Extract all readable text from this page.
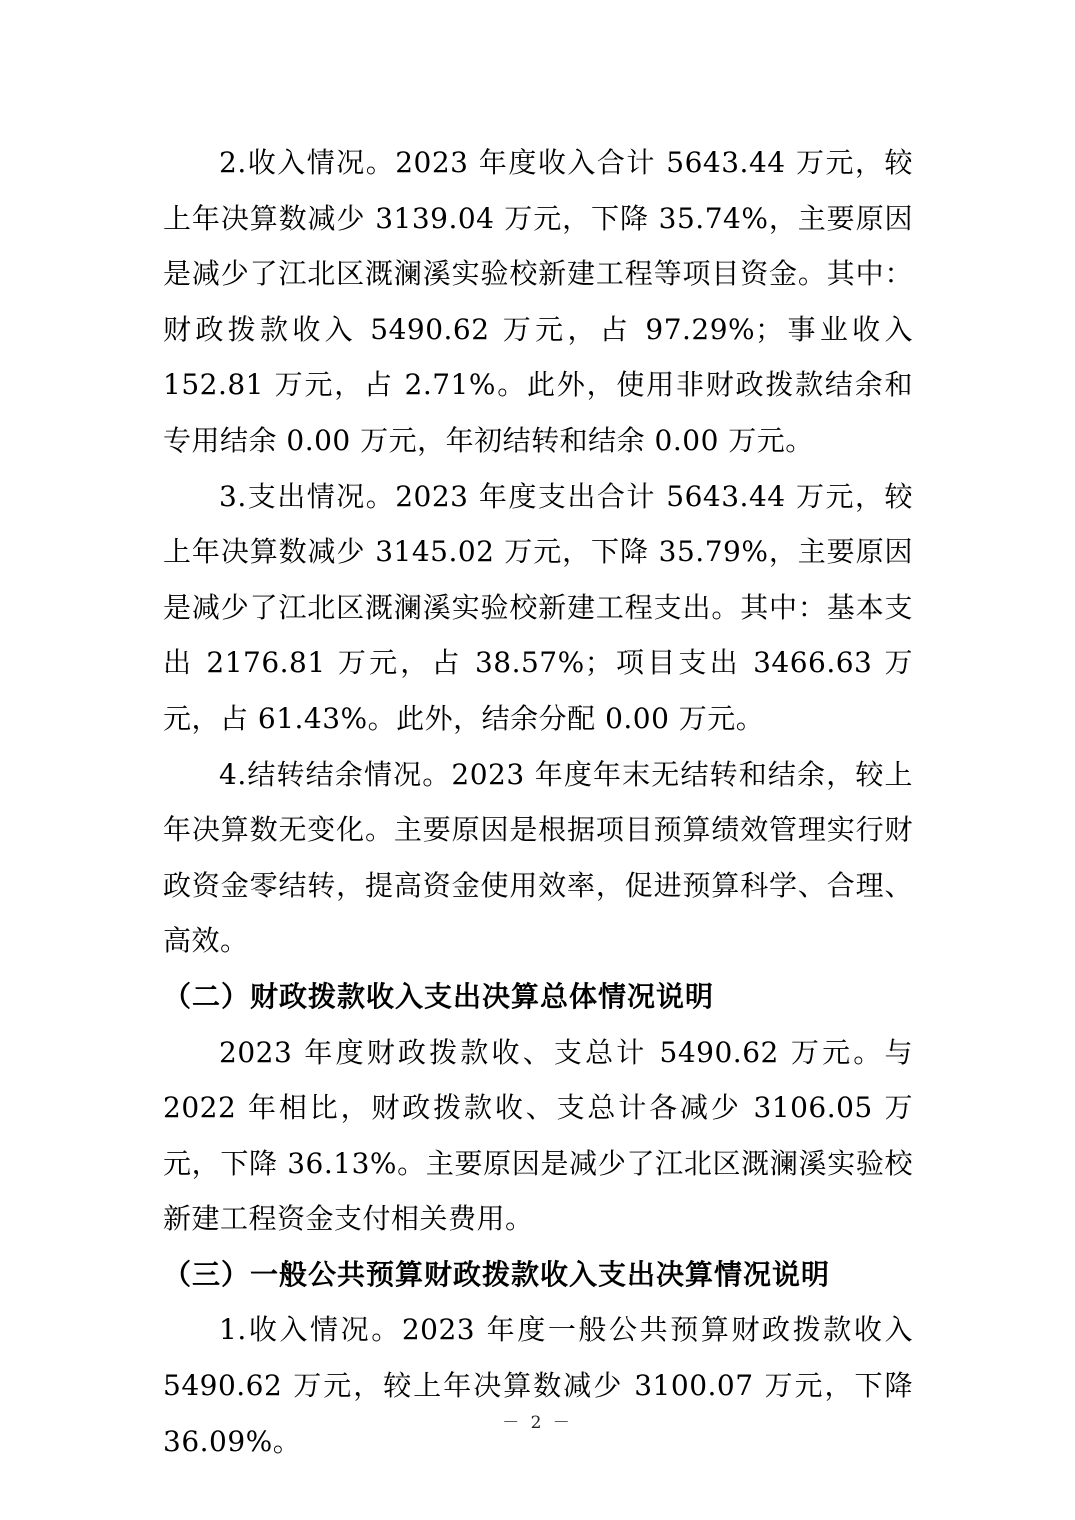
2.收入情况。2023 年度收入合计 5643.44 万元，较上年决算数减少 3139.04 万元，下降 35.74%，主要原因是减少了江北区溉澜溪实验校新建工程等项目资金。其中：财政拨款收入 5490.62 万元，占 97.29%；事业收入 152.81 万元，占 2.71%。此外，使用非财政拨款结余和专用结余 0.00 万元，年初结转和结余 0.00 万元。

3.支出情况。2023 年度支出合计 5643.44 万元，较上年决算数减少 3145.02 万元，下降 35.79%，主要原因是减少了江北区溉澜溪实验校新建工程支出。其中：基本支出 2176.81 万元，占 38.57%；项目支出 3466.63 万元，占 61.43%。此外，结余分配 0.00 万元。

4.结转结余情况。2023 年度年末无结转和结余，较上年决算数无变化。主要原因是根据项目预算绩效管理实行财政资金零结转，提高资金使用效率，促进预算科学、合理、高效。

（二）财政拨款收入支出决算总体情况说明

2023 年度财政拨款收、支总计 5490.62 万元。与 2022 年相比，财政拨款收、支总计各减少 3106.05 万元，下降 36.13%。主要原因是减少了江北区溉澜溪实验校新建工程资金支付相关费用。

（三）一般公共预算财政拨款收入支出决算情况说明

1.收入情况。2023 年度一般公共预算财政拨款收入 5490.62 万元，较上年决算数减少 3100.07 万元，下降 36.09%。

－ 2 －
